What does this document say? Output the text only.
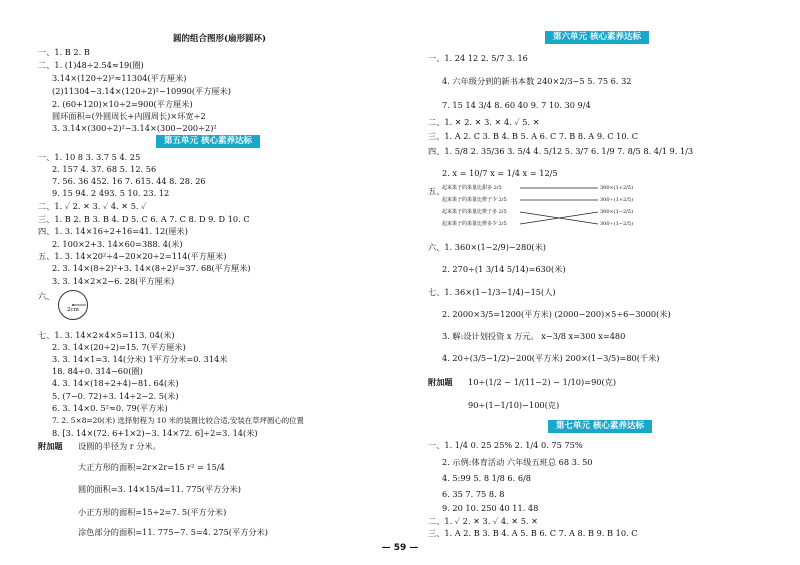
圆的组合图形(扇形圆环)
一、1. B 2. B
二、1. (1)48÷2.54≈19(圈)
3.14×(120÷2)²≈11304(平方厘米)
(2)11304−3.14×(120÷2)²−10990(平方厘米)
2. (60+120)×10÷2=900(平方厘米)
圆环面积=(外圆周长+内圆周长)×环宽÷2
3. 3.14×(300÷2)²−3.14×(300−200÷2)²
第五单元 核心素养达标
一、1. 10 8 3. 3.7 5 4. 25
2. 157 4. 37. 68 5. 12. 56
7. 56. 36 452. 16 7. 615. 44 8. 28. 26
9. 15 94. 2 493. 5 10. 23. 12
二、1. ✓ 2. ✕ 3. ✓ 4. ✕ 5. ✓
三、1. B 2. B 3. B 4. D 5. C 6. A 7. C 8. D 9. D 10. C
四、1. 3. 14×16÷2+16=41. 12(厘米)
2. 100×2+3. 14×60=388. 4(米)
五、1. 3. 14×20²÷4−20×20÷2=114(平方厘米)
2. 3. 14×(8÷2)²+3. 14×(8÷2)²=37. 68(平方厘米)
3. 3. 14×2×2−6. 28(平方厘米)
六、
2cm
七、1. 3. 14×2×4×5=113. 04(米)
2. 3. 14×(20÷2)=15. 7(平方厘米)
3. 3. 14×1=3. 14(分米) 1平方分米=0. 314米
18. 84÷0. 314−60(圈)
4. 3. 14×(18÷2+4)−81. 64(米)
5. (7−0. 72)÷3. 14÷2−2. 5(米)
6. 3. 14×0. 5²≈0. 79(平方米)
7. 2. 5×8=20(米) 选择射程为 10 米的装置比较合适,安装在草坪圆心的位置
8. [3. 14×(72. 6+1×2)−3. 14×72. 6]÷2=3. 14(米)
附加题 设圆的半径为 r 分米。
大正方形的面积=2r×2r=15 r² = 15/4
圆的面积=3. 14×15/4=11. 775(平方分米)
小正方形的面积=15÷2=7. 5(平方分米)
涂色部分的面积=11. 775−7. 5=4. 275(平方分米)
第六单元 核心素养达标
一、1. 24 12 2. 5/7 3. 16
4. 六年级分到的新书本数 240×2/3−5 5. 75 6. 32
7. 15 14 3/4 8. 60 40 9. 7 10. 30 9/4
二、1. ✕ 2. ✕ 3. ✕ 4. ✓ 5. ✕
三、1. A 2. C 3. B 4. B 5. A 6. C 7. B 8. A 9. C 10. C
四、1. 5/8 2. 35/36 3. 5/4 4. 5/12 5. 3/7 6. 1/9 7. 8/5 8. 4/1 9. 1/3
2. x = 10/7 x = 1/4 x = 12/5
五、
起来果子的果量比甜多 2/5
起来果子的果量比橙子少 2/5
起来果子的果量比橙子多 2/5
起来果子的果量比橙多少 2/5
300×(1+2/5)
300÷(1+2/5)
300×(1−2/5)
300÷(1−2/5)
六、1. 360×(1−2/9)−280(米)
2. 270÷(1 3/14 5/14)=630(米)
七、1. 36×(1−1/3−1/4)−15(人)
2. 2000×3/5=1200(平方米) (2000−200)×5÷6−3000(米)
3. 解:设计划投资 x 万元。 x−3/8 x=300 x=480
4. 20÷(3/5−1/2)−200(平方米) 200×(1−3/5)=80(千米)
附加题 10÷(1/2 − 1/(11−2) − 1/10)=90(克)
90÷(1−1/10)−100(克)
第七单元 核心素养达标
一、1. 1/4 0. 25 25% 2. 1/4 0. 75 75%
2. 示例:体育活动 六年级五班总 68 3. 50
4. 5:99 5. 8 1/8 6. 6/8
6. 35 7. 75 8. 8
9. 20 10. 250 40 11. 48
二、1. ✓ 2. ✕ 3. ✓ 4. ✕ 5. ✕
三、1. A 2. B 3. B 4. A 5. B 6. C 7. A 8. B 9. B 10. C
— 59 —
